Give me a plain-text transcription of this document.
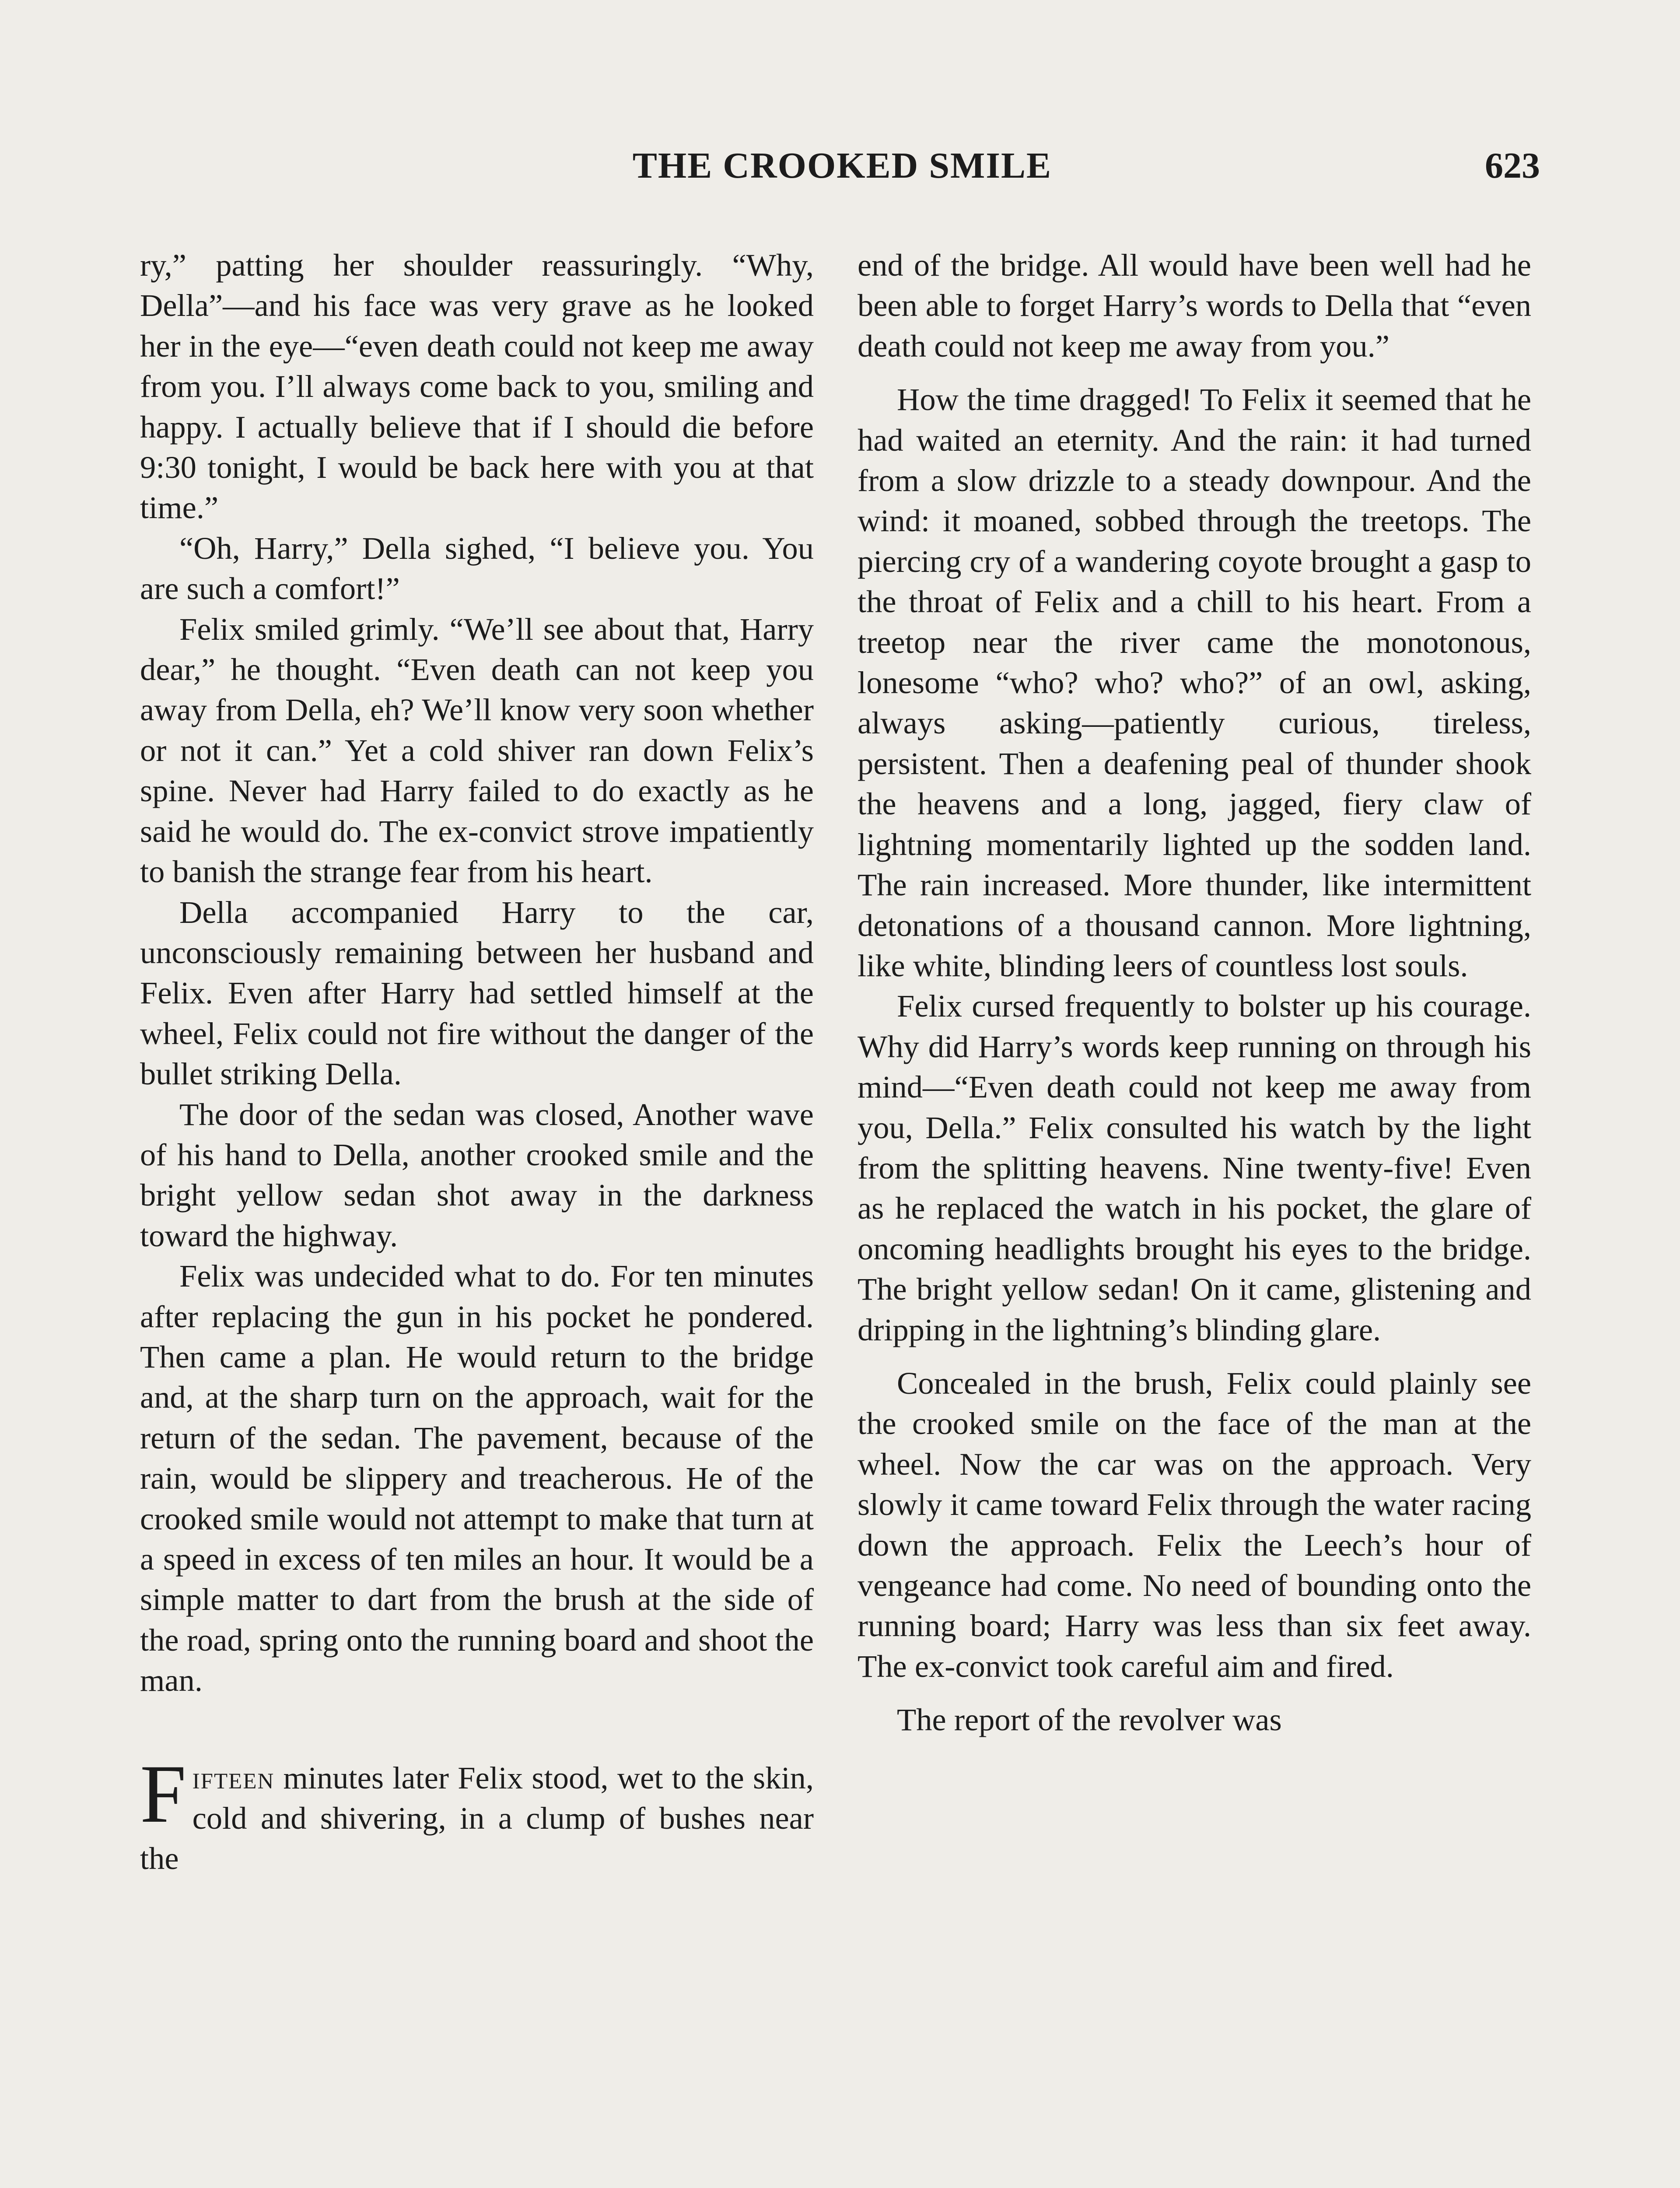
THE CROOKED SMILE	623

ry,” patting her shoulder reassuringly. “Why, Della”—and his face was very grave as he looked her in the eye—“even death could not keep me away from you. I’ll always come back to you, smiling and happy. I actually believe that if I should die before 9:30 tonight, I would be back here with you at that time.”

“Oh, Harry,” Della sighed, “I believe you. You are such a comfort!”

Felix smiled grimly. “We’ll see about that, Harry dear,” he thought. “Even death can not keep you away from Della, eh? We’ll know very soon whether or not it can.” Yet a cold shiver ran down Felix’s spine. Never had Harry failed to do exactly as he said he would do. The ex-convict strove impatiently to banish the strange fear from his heart.

Della accompanied Harry to the car, unconsciously remaining between her husband and Felix. Even after Harry had settled himself at the wheel, Felix could not fire without the danger of the bullet striking Della.

The door of the sedan was closed, Another wave of his hand to Della, another crooked smile and the bright yellow sedan shot away in the darkness toward the highway.

Felix was undecided what to do. For ten minutes after replacing the gun in his pocket he pondered. Then came a plan. He would return to the bridge and, at the sharp turn on the approach, wait for the return of the sedan. The pavement, because of the rain, would be slippery and treacherous. He of the crooked smile would not attempt to make that turn at a speed in excess of ten miles an hour. It would be a simple matter to dart from the brush at the side of the road, spring onto the running board and shoot the man.

Fifteen minutes later Felix stood, wet to the skin, cold and shivering, in a clump of bushes near the

end of the bridge. All would have been well had he been able to forget Harry’s words to Della that “even death could not keep me away from you.”

How the time dragged! To Felix it seemed that he had waited an eternity. And the rain: it had turned from a slow drizzle to a steady downpour. And the wind: it moaned, sobbed through the treetops. The piercing cry of a wandering coyote brought a gasp to the throat of Felix and a chill to his heart. From a treetop near the river came the monotonous, lonesome “who? who? who?” of an owl, asking, always asking—patiently curious, tireless, persistent. Then a deafening peal of thunder shook the heavens and a long, jagged, fiery claw of lightning momentarily lighted up the sodden land. The rain increased. More thunder, like intermittent detonations of a thousand cannon. More lightning, like white, blinding leers of countless lost souls.

Felix cursed frequently to bolster up his courage. Why did Harry’s words keep running on through his mind—“Even death could not keep me away from you, Della.” Felix consulted his watch by the light from the splitting heavens. Nine twenty-five! Even as he replaced the watch in his pocket, the glare of oncoming headlights brought his eyes to the bridge. The bright yellow sedan! On it came, glistening and dripping in the lightning’s blinding glare.

Concealed in the brush, Felix could plainly see the crooked smile on the face of the man at the wheel. Now the car was on the approach. Very slowly it came toward Felix through the water racing down the approach. Felix the Leech’s hour of vengeance had come. No need of bounding onto the running board; Harry was less than six feet away. The ex-convict took careful aim and fired.

The report of the revolver was
